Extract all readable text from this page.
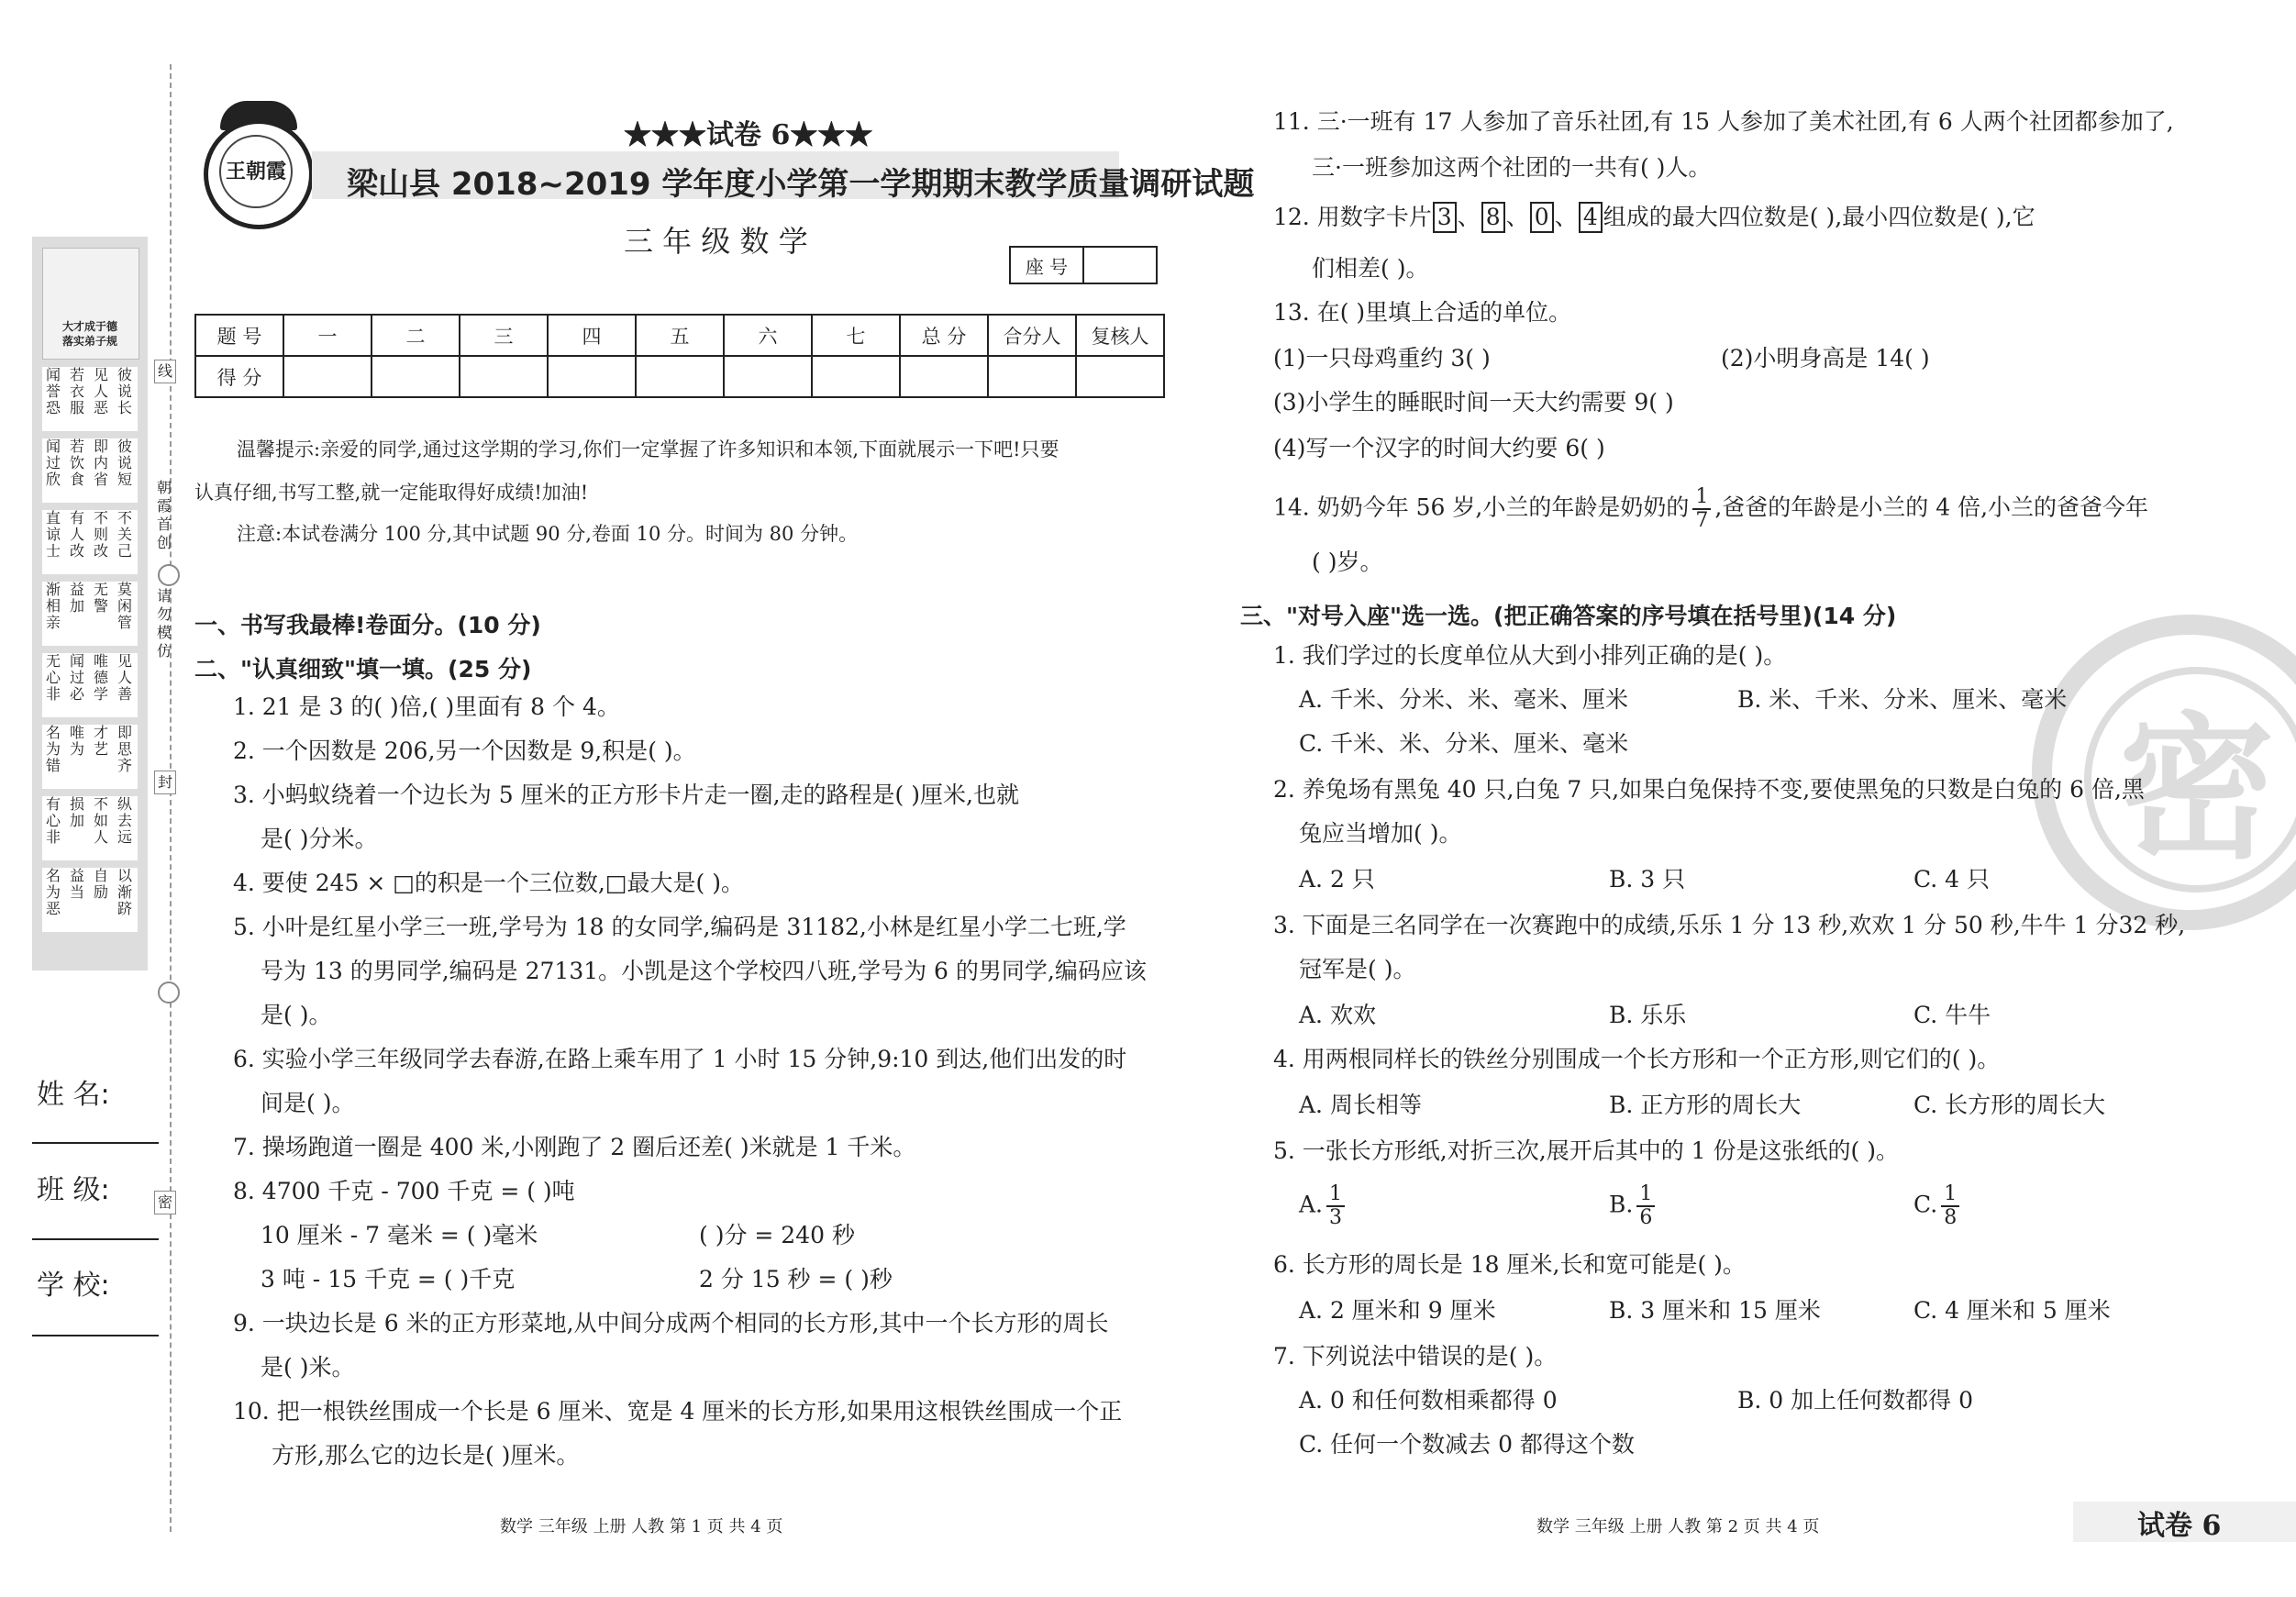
大才成于德
落实弟子规
彼
说
长
见
人
恶
若
衣
服
闻
誉
恐
彼
说
短
即
内
省
若
饮
食
闻
过
欣
不
关
己
不
则
改
有
人
改
直
谅
士
莫
闲
管
无
警
益
加
渐
相
亲
见
人
善
唯
德
学
闻
过
必
无
心
非
即
思
齐
才
艺
唯
为
名
为
错
纵
去
远
不
如
人
损
加
有
心
非
以
渐
跻
自
励
益
当
名
为
恶
线
朝
霞
首
创
请
勿
模
仿
封
密
姓 名:
班 级:
学 校:
王朝霞
★★★试卷 6★★★
梁山县 2018~2019 学年度小学第一学期期末教学质量调研试题
三 年 级 数 学
座 号	
题 号	一	二	三	四	五	六	七	总 分	合分人	复核人
得 分										
温馨提示:亲爱的同学,通过这学期的学习,你们一定掌握了许多知识和本领,下面就展示一下吧!只要
认真仔细,书写工整,就一定能取得好成绩!加油!
注意:本试卷满分 100 分,其中试题 90 分,卷面 10 分。时间为 80 分钟。
一、书写我最棒!卷面分。(10 分)
二、"认真细致"填一填。(25 分)
1. 21 是 3 的( )倍,( )里面有 8 个 4。
2. 一个因数是 206,另一个因数是 9,积是( )。
3. 小蚂蚁绕着一个边长为 5 厘米的正方形卡片走一圈,走的路程是( )厘米,也就
是( )分米。
4. 要使 245 × □的积是一个三位数,□最大是( )。
5. 小叶是红星小学三一班,学号为 18 的女同学,编码是 31182,小林是红星小学二七班,学
号为 13 的男同学,编码是 27131。小凯是这个学校四八班,学号为 6 的男同学,编码应该
是( )。
6. 实验小学三年级同学去春游,在路上乘车用了 1 小时 15 分钟,9:10 到达,他们出发的时
间是( )。
7. 操场跑道一圈是 400 米,小刚跑了 2 圈后还差( )米就是 1 千米。
8. 4700 千克 - 700 千克 = ( )吨
10 厘米 - 7 毫米 = ( )毫米	( )分 = 240 秒
3 吨 - 15 千克 = ( )千克	2 分 15 秒 = ( )秒
9. 一块边长是 6 米的正方形菜地,从中间分成两个相同的长方形,其中一个长方形的周长
是( )米。
10. 把一根铁丝围成一个长是 6 厘米、宽是 4 厘米的长方形,如果用这根铁丝围成一个正
方形,那么它的边长是( )厘米。
数学 三年级 上册 人教 第 1 页 共 4 页
密
11. 三·一班有 17 人参加了音乐社团,有 15 人参加了美术社团,有 6 人两个社团都参加了,
三·一班参加这两个社团的一共有( )人。
12. 用数字卡片 3 、 8 、 0 、 4 组成的最大四位数是( ),最小四位数是( ),它
们相差( )。
13. 在( )里填上合适的单位。
(1)一只母鸡重约 3( )	(2)小明身高是 14( )
(3)小学生的睡眠时间一天大约需要 9( )
(4)写一个汉字的时间大约要 6( )
14. 奶奶今年 56 岁,小兰的年龄是奶奶的 $\frac{1}{7}$ ,爸爸的年龄是小兰的 4 倍,小兰的爸爸今年
( )岁。
三、"对号入座"选一选。(把正确答案的序号填在括号里)(14 分)
1. 我们学过的长度单位从大到小排列正确的是( )。
A. 千米、分米、米、毫米、厘米	B. 米、千米、分米、厘米、毫米
C. 千米、米、分米、厘米、毫米
2. 养兔场有黑兔 40 只,白兔 7 只,如果白兔保持不变,要使黑兔的只数是白兔的 6 倍,黑
兔应当增加( )。
A. 2 只	B. 3 只	C. 4 只
3. 下面是三名同学在一次赛跑中的成绩,乐乐 1 分 13 秒,欢欢 1 分 50 秒,牛牛 1 分32 秒,
冠军是( )。
A. 欢欢	B. 乐乐	C. 牛牛
4. 用两根同样长的铁丝分别围成一个长方形和一个正方形,则它们的( )。
A. 周长相等	B. 正方形的周长大	C. 长方形的周长大
5. 一张长方形纸,对折三次,展开后其中的 1 份是这张纸的( )。
A. $\frac{1}{3}$	B. $\frac{1}{6}$	C. $\frac{1}{8}$
6. 长方形的周长是 18 厘米,长和宽可能是( )。
A. 2 厘米和 9 厘米	B. 3 厘米和 15 厘米	C. 4 厘米和 5 厘米
7. 下列说法中错误的是( )。
A. 0 和任何数相乘都得 0	B. 0 加上任何数都得 0
C. 任何一个数减去 0 都得这个数
数学 三年级 上册 人教 第 2 页 共 4 页	试卷 6
